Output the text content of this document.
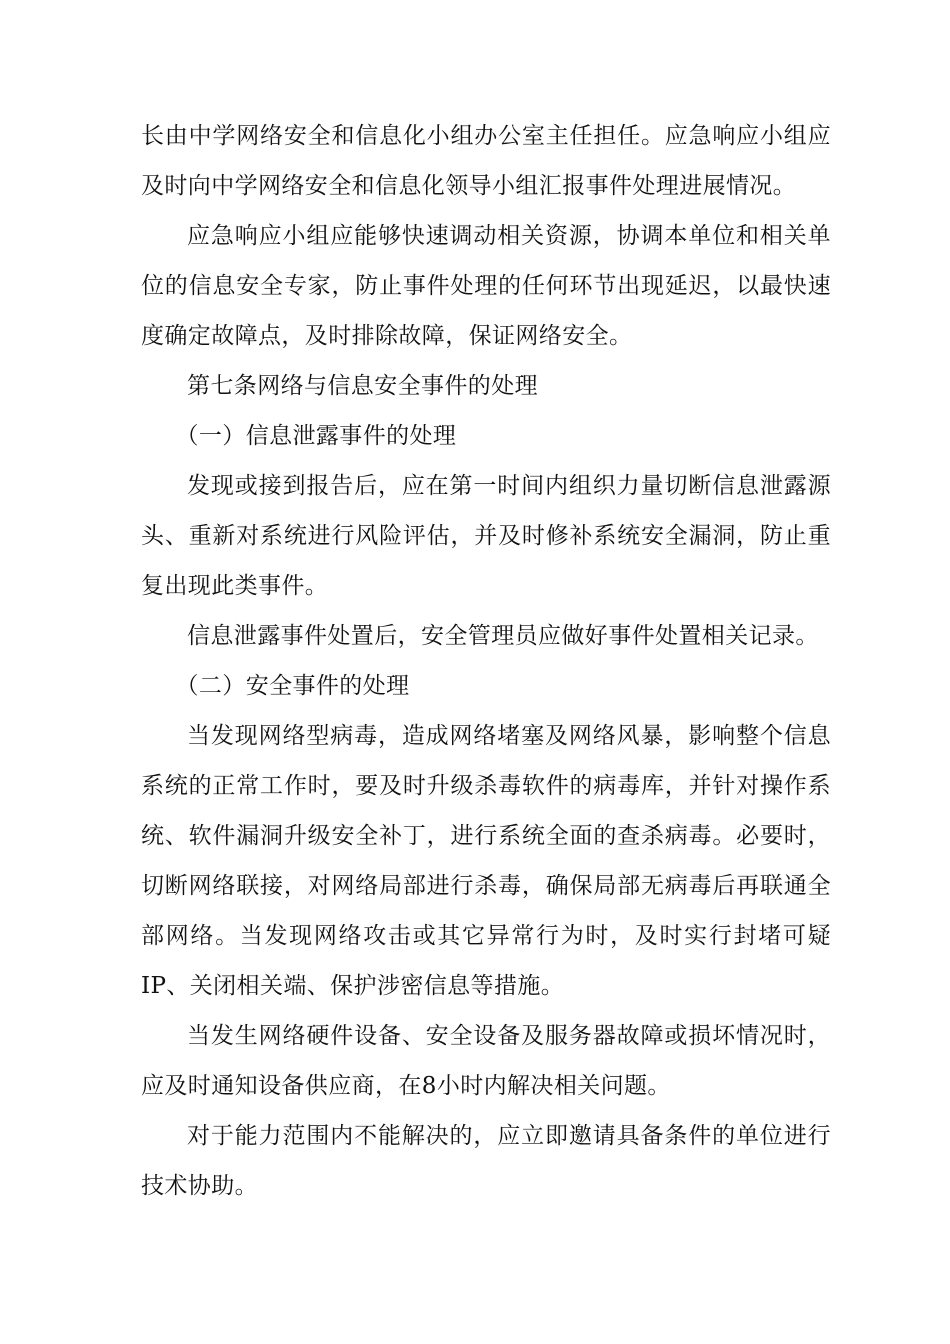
长由中学网络安全和信息化小组办公室主任担任。应急响应小组应及时向中学网络安全和信息化领导小组汇报事件处理进展情况。

应急响应小组应能够快速调动相关资源，协调本单位和相关单位的信息安全专家，防止事件处理的任何环节出现延迟，以最快速度确定故障点，及时排除故障，保证网络安全。

第七条网络与信息安全事件的处理

（一）信息泄露事件的处理

发现或接到报告后，应在第一时间内组织力量切断信息泄露源头、重新对系统进行风险评估，并及时修补系统安全漏洞，防止重复出现此类事件。

信息泄露事件处置后，安全管理员应做好事件处置相关记录。

（二）安全事件的处理

当发现网络型病毒，造成网络堵塞及网络风暴，影响整个信息系统的正常工作时，要及时升级杀毒软件的病毒库，并针对操作系统、软件漏洞升级安全补丁，进行系统全面的查杀病毒。必要时，切断网络联接，对网络局部进行杀毒，确保局部无病毒后再联通全部网络。当发现网络攻击或其它异常行为时，及时实行封堵可疑IP、关闭相关端、保护涉密信息等措施。

当发生网络硬件设备、安全设备及服务器故障或损坏情况时，应及时通知设备供应商，在8小时内解决相关问题。

对于能力范围内不能解决的，应立即邀请具备条件的单位进行技术协助。
